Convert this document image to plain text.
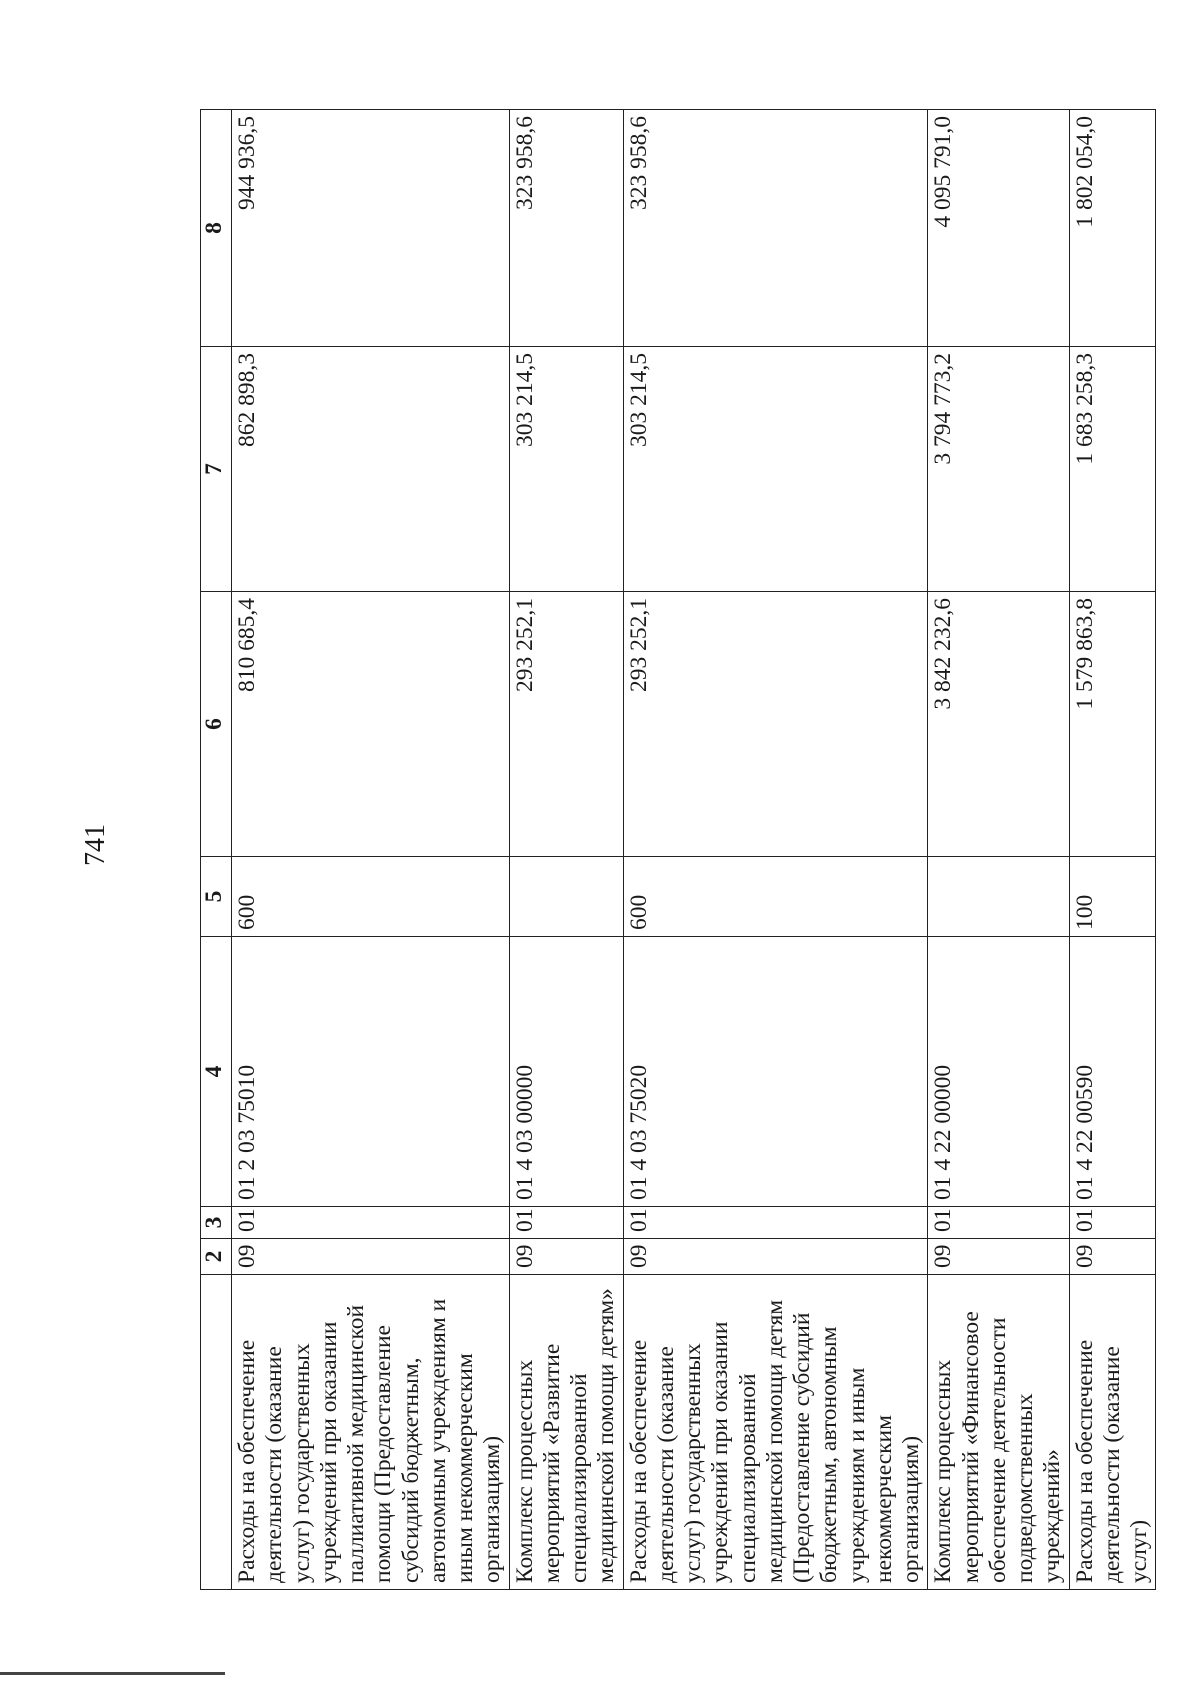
741
	2	3	4	5	6	7	8
Расходы на обеспечение деятельности (оказание услуг) государственных учреждений при оказании паллиативной медицинской помощи (Предоставление субсидий бюджетным, автономным учреждениям и иным некоммерческим организациям)	09	01	01 2 03 75010	600	810 685,4	862 898,3	944 936,5
Комплекс процессных мероприятий «Развитие специализированной медицинской помощи детям»	09	01	01 4 03 00000		293 252,1	303 214,5	323 958,6
Расходы на обеспечение деятельности (оказание услуг) государственных учреждений при оказании специализированной медицинской помощи детям (Предоставление субсидий бюджетным, автономным учреждениям и иным некоммерческим организациям)	09	01	01 4 03 75020	600	293 252,1	303 214,5	323 958,6
Комплекс процессных мероприятий «Финансовое обеспечение деятельности подведомственных учреждений»	09	01	01 4 22 00000		3 842 232,6	3 794 773,2	4 095 791,0
Расходы на обеспечение деятельности (оказание услуг)	09	01	01 4 22 00590	100	1 579 863,8	1 683 258,3	1 802 054,0
